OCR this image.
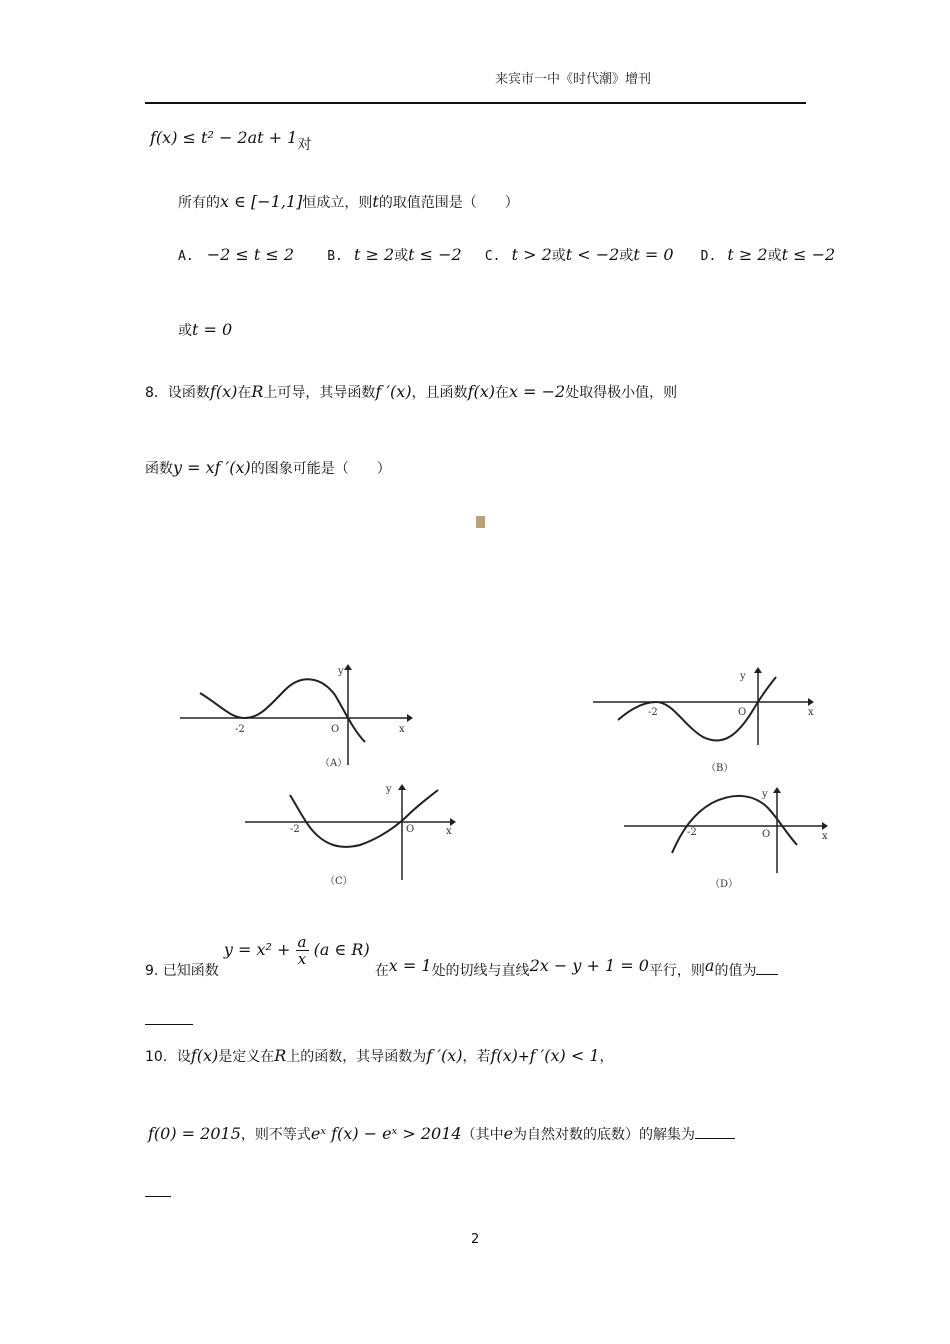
来宾市一中《时代潮》增刊
f(x) ≤ t² − 2at + 1对
所有的x ∈ [−1,1]恒成立，则t的取值范围是（　　）
A. −2 ≤ t ≤ 2	B. t ≥ 2或t ≤ −2 C. t > 2或t < −2或t = 0 D. t ≥ 2或t ≤ −2
或t = 0
8．设函数f(x)在R上可导，其导函数f ′(x)，且函数f(x)在x = −2处取得极小值，则
函数y = xf ′(x)的图象可能是（　　）
-2	O	x
y
（A）
-2	O	x
y
（B）
-2	O	x
y
（C）
-2	O	x
y
（D）
9. 已知函数 $y = x^2 + \frac{a}{x} (a$ ∈ R) 在x = 1处的切线与直线2x − y + 1 = 0平行，则a的值为
10．设f(x)是定义在R上的函数，其导函数为f ′(x)，若f(x)+f ′(x) < 1，
f(0) = 2015，则不等式eˣ f(x) − eˣ > 2014（其中e为自然对数的底数）的解集为
2
